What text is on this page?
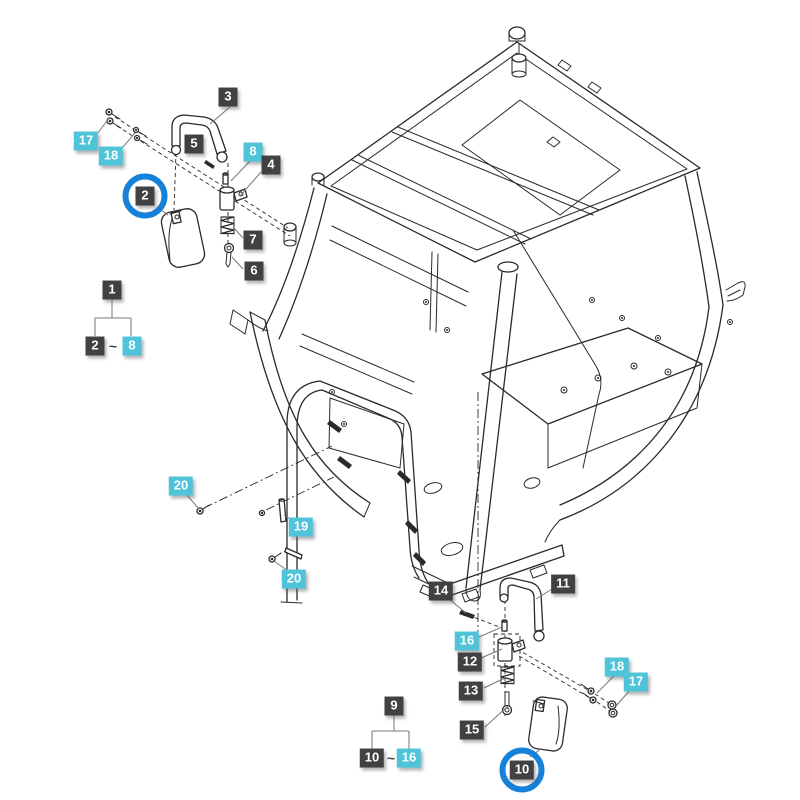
3
5
8
4
17
18
2
7
6
1
2	8
20
19
20
14	11
16
12
13
15
18
17
10
9
10	16
~
~
